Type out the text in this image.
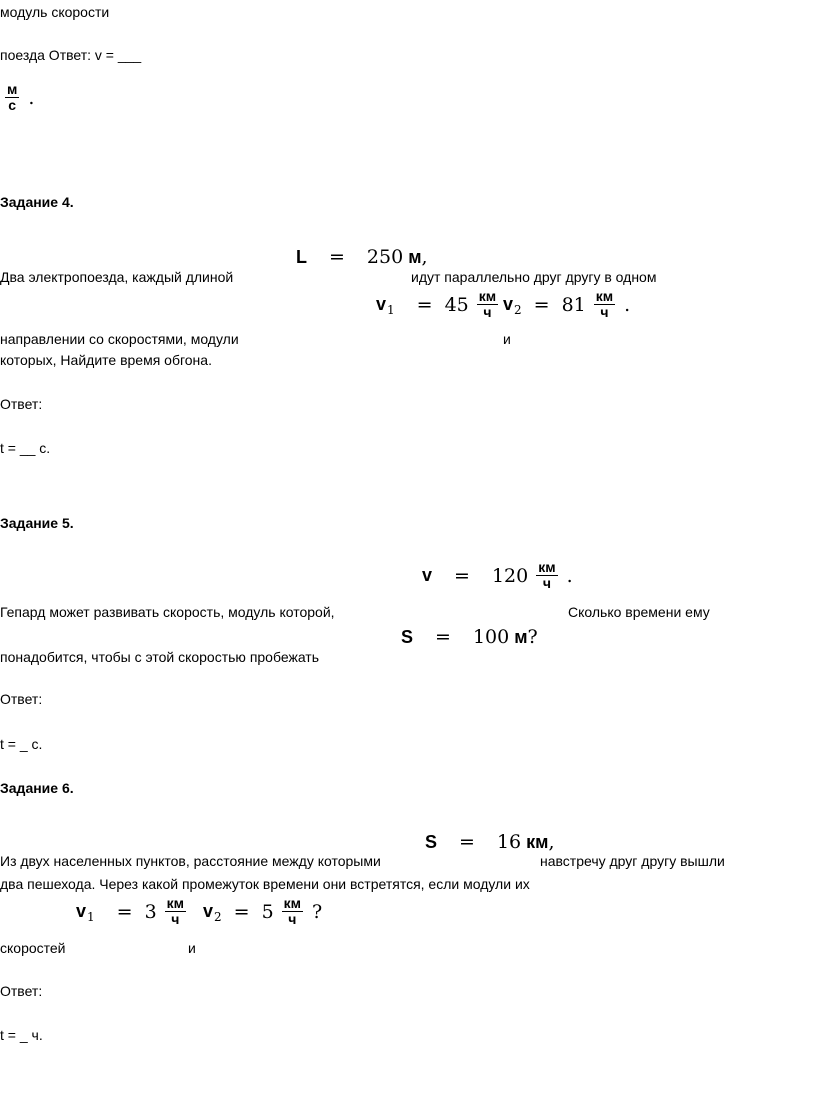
модуль скорости
поезда Ответ: v = ___
$\frac{м}{с}$ .
Задание 4.
Два электропоезда, каждый длиной
L = 250 м ,
идут параллельно друг другу в одном
v $1 = 45 \frac{км}{ч}$ v $2 = 81 \frac{км}{ч}$ .
направлении со скоростями, модули	и
которых, Найдите время обгона.
Ответ:
t = __ с.
Задание 5.
$v = 120 \frac{км}{ч}$ .
Гепард может развивать скорость, модуль которой,	Сколько времени ему
S = 100 м ?
понадобится, чтобы с этой скоростью пробежать
Ответ:
t = _ с.
Задание 6.
S = 16 км ,
Из двух населенных пунктов, расстояние между которыми	навстречу друг другу вышли
два пешехода. Через какой промежуток времени они встретятся, если модули их
v $1 = 3 \frac{км}{ч}$ v $2 = 5 \frac{км}{ч}$ ?
скоростей	и
Ответ:
t = _ ч.
